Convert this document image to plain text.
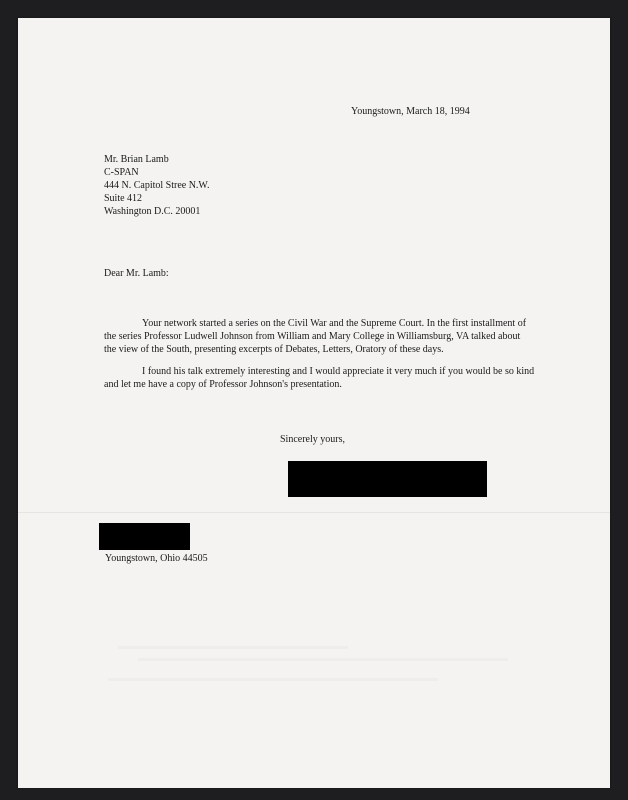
Youngstown, March 18, 1994
Mr. Brian Lamb
C-SPAN
444 N. Capitol Stree N.W.
Suite 412
Washington D.C. 20001
Dear Mr. Lamb:
Your network started a series on the Civil War and the Supreme Court. In the first installment of
the series Professor Ludwell Johnson from William and Mary College in Williamsburg, VA talked about
the view of the South, presenting excerpts of Debates, Letters, Oratory of these days.
I found his talk extremely interesting and I would appreciate it very much if you would be so kind
and let me have a copy of Professor Johnson's presentation.
Sincerely yours,
Youngstown, Ohio 44505
